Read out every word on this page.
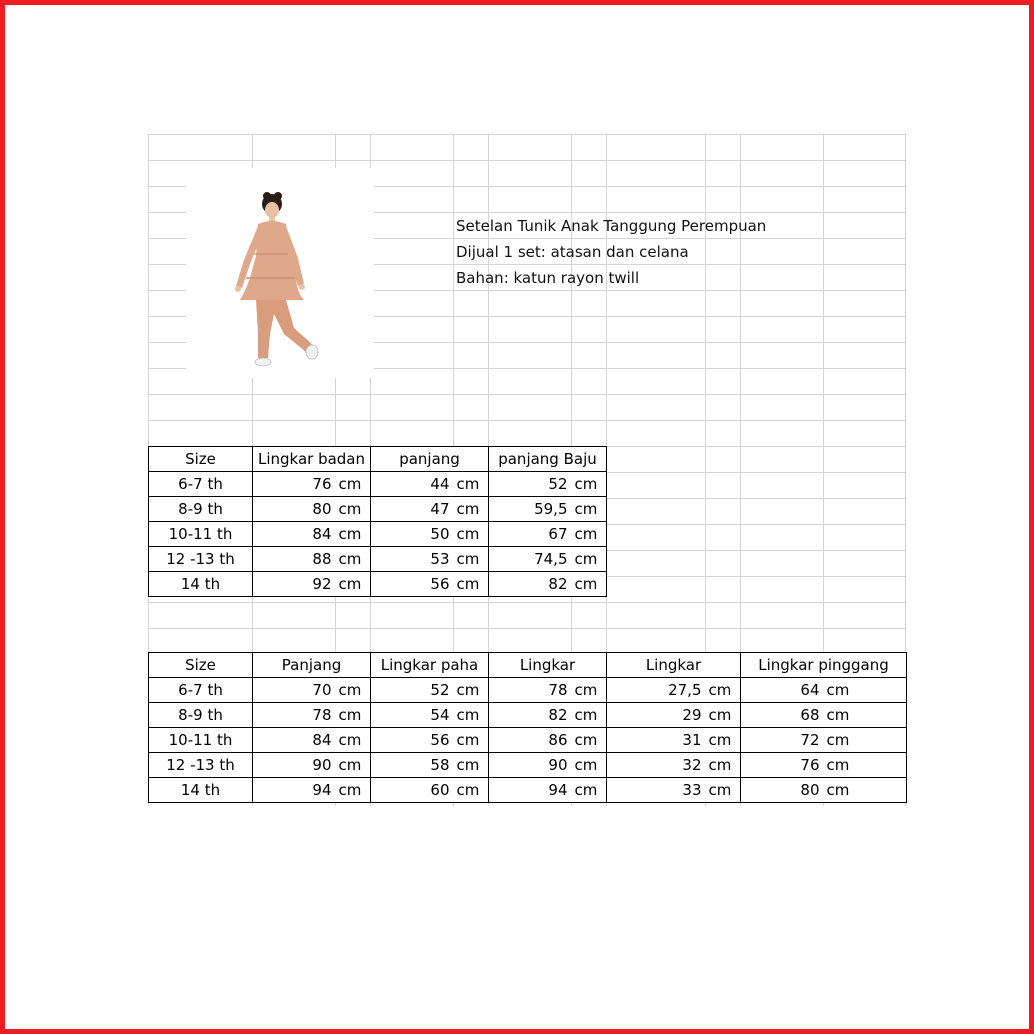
Setelan Tunik Anak Tanggung Perempuan
Dijual 1 set: atasan dan celana
Bahan: katun rayon twill
Size	Lingkar badan		panjang		panjang Baju	
6-7 th	76	cm	44	cm	52	cm
8-9 th	80	cm	47	cm	59,5	cm
10-11 th	84	cm	50	cm	67	cm
12 -13 th	88	cm	53	cm	74,5	cm
14 th	92	cm	56	cm	82	cm
Size	Panjang		Lingkar paha		Lingkar		Lingkar		Lingkar pinggang	
6-7 th	70	cm	52	cm	78	cm	27,5	cm	64	cm
8-9 th	78	cm	54	cm	82	cm	29	cm	68	cm
10-11 th	84	cm	56	cm	86	cm	31	cm	72	cm
12 -13 th	90	cm	58	cm	90	cm	32	cm	76	cm
14 th	94	cm	60	cm	94	cm	33	cm	80	cm
